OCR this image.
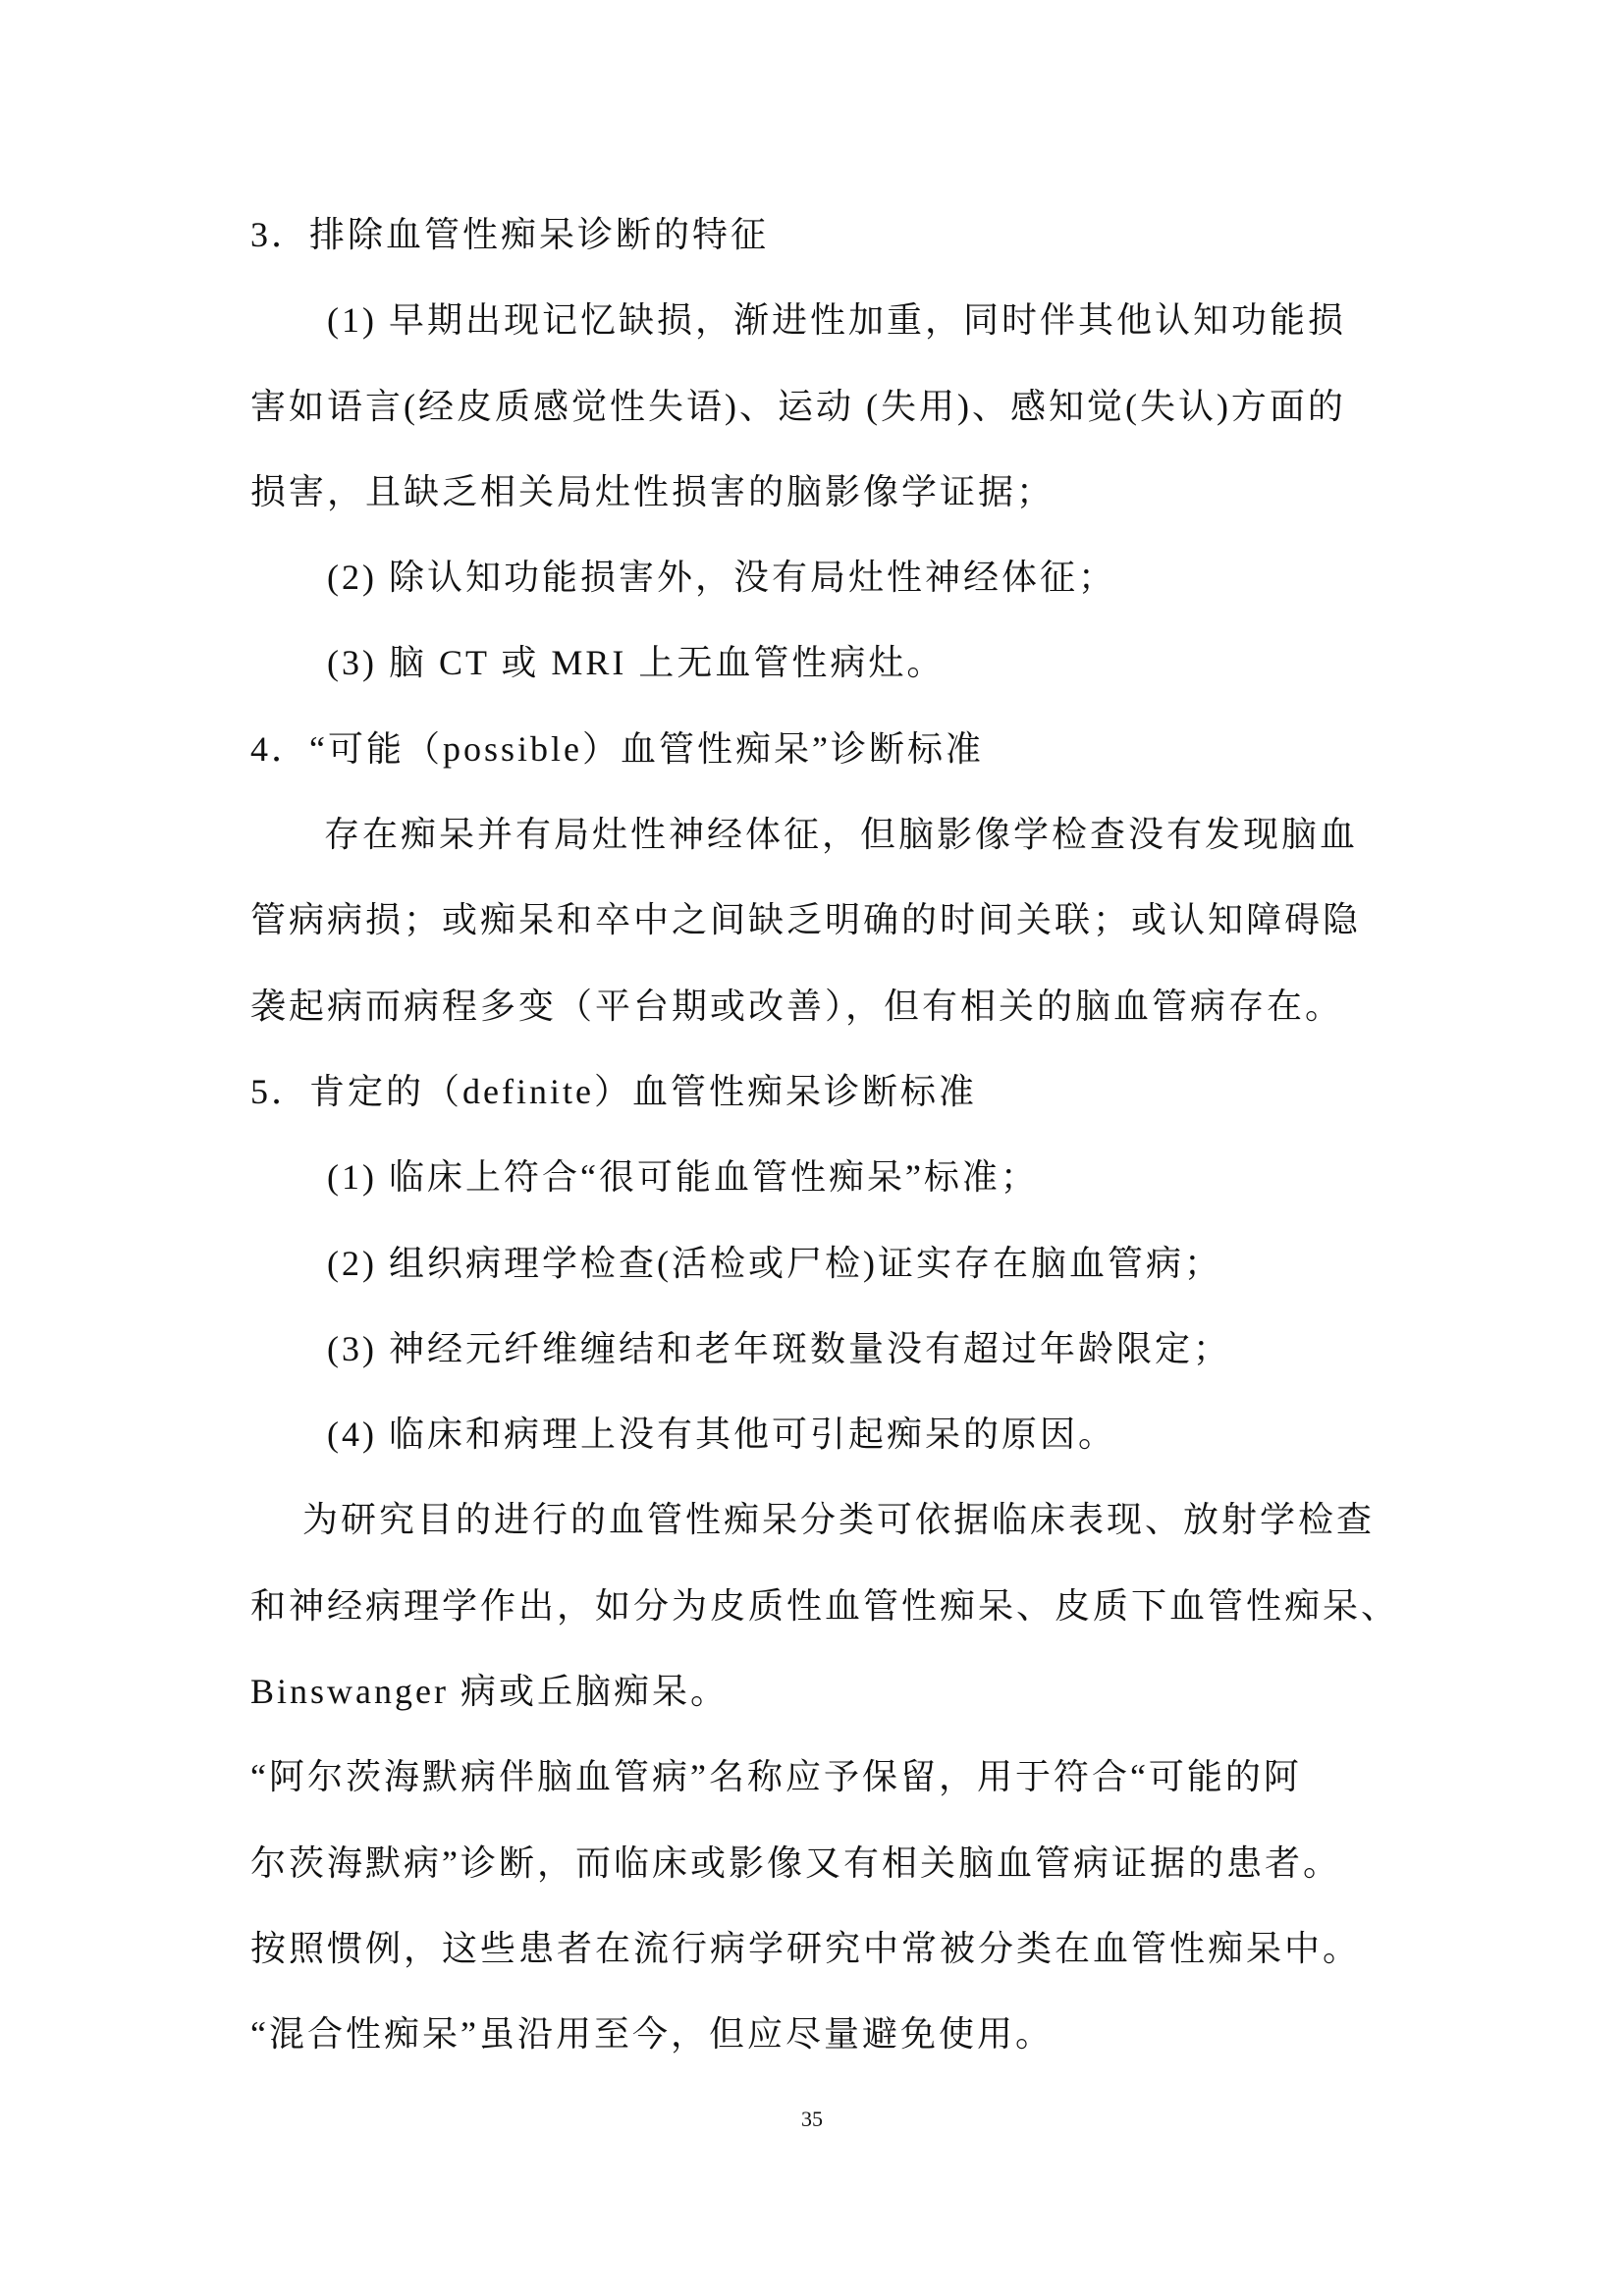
3．排除血管性痴呆诊断的特征
(1) 早期出现记忆缺损，渐进性加重，同时伴其他认知功能损
害如语言(经皮质感觉性失语)、运动 (失用)、感知觉(失认)方面的
损害，且缺乏相关局灶性损害的脑影像学证据；
(2) 除认知功能损害外，没有局灶性神经体征；
(3) 脑 CT 或 MRI 上无血管性病灶。
4．“可能（possible）血管性痴呆”诊断标准
存在痴呆并有局灶性神经体征，但脑影像学检查没有发现脑血
管病病损；或痴呆和卒中之间缺乏明确的时间关联；或认知障碍隐
袭起病而病程多变（平台期或改善），但有相关的脑血管病存在。
5．肯定的（definite）血管性痴呆诊断标准
(1) 临床上符合“很可能血管性痴呆”标准；
(2) 组织病理学检查(活检或尸检)证实存在脑血管病；
(3) 神经元纤维缠结和老年斑数量没有超过年龄限定；
(4) 临床和病理上没有其他可引起痴呆的原因。
为研究目的进行的血管性痴呆分类可依据临床表现、放射学检查
和神经病理学作出，如分为皮质性血管性痴呆、皮质下血管性痴呆、
Binswanger 病或丘脑痴呆。
“阿尔茨海默病伴脑血管病”名称应予保留，用于符合“可能的阿
尔茨海默病”诊断，而临床或影像又有相关脑血管病证据的患者。
按照惯例，这些患者在流行病学研究中常被分类在血管性痴呆中。
“混合性痴呆”虽沿用至今，但应尽量避免使用。
35
